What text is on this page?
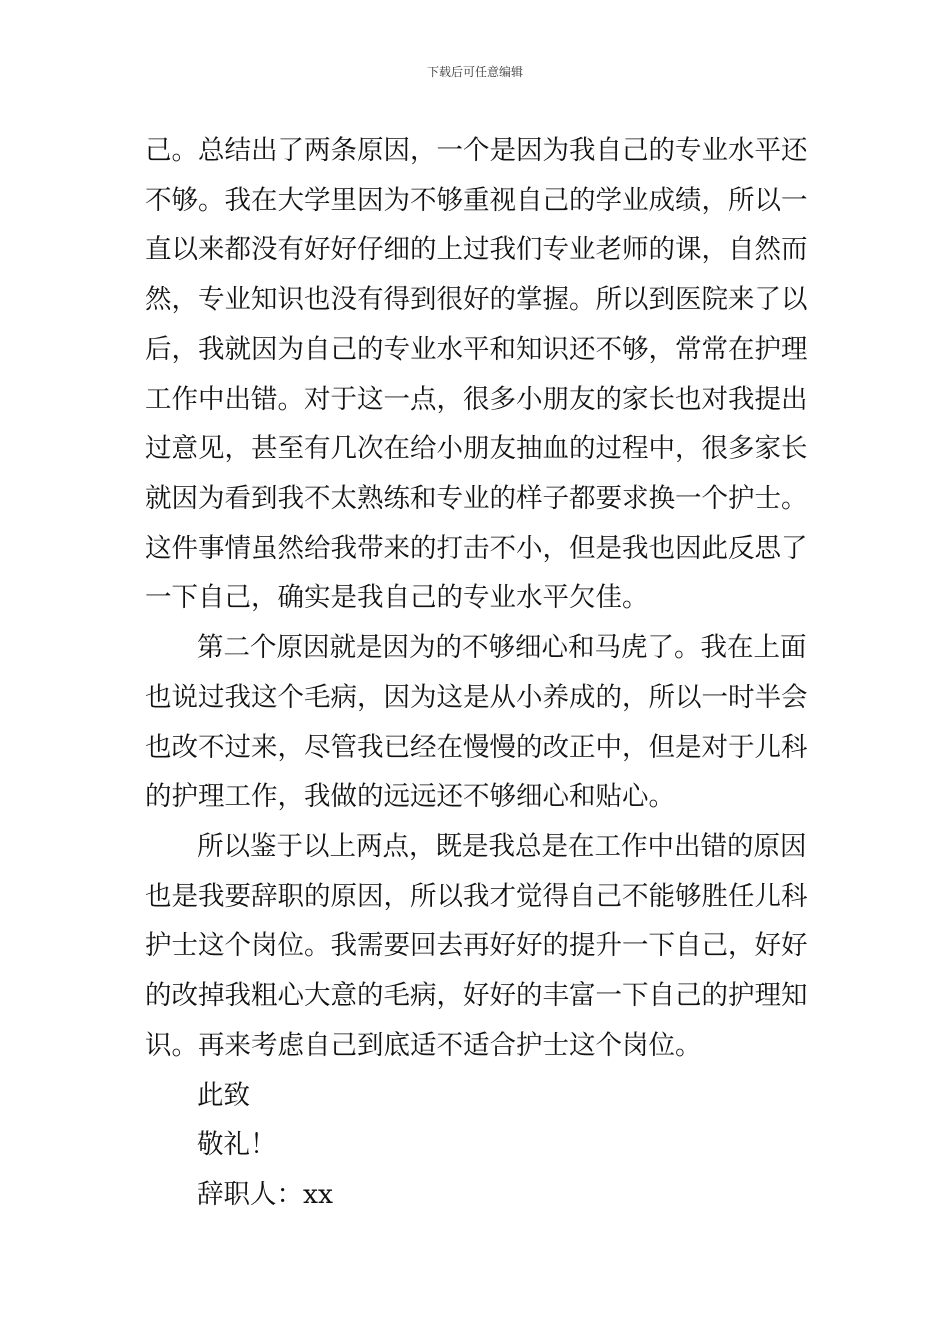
下载后可任意编辑
己。总结出了两条原因，一个是因为我自己的专业水平还
不够。我在大学里因为不够重视自己的学业成绩，所以一
直以来都没有好好仔细的上过我们专业老师的课，自然而
然，专业知识也没有得到很好的掌握。所以到医院来了以
后，我就因为自己的专业水平和知识还不够，常常在护理
工作中出错。对于这一点，很多小朋友的家长也对我提出
过意见，甚至有几次在给小朋友抽血的过程中，很多家长
就因为看到我不太熟练和专业的样子都要求换一个护士。
这件事情虽然给我带来的打击不小，但是我也因此反思了
一下自己，确实是我自己的专业水平欠佳。
第二个原因就是因为的不够细心和马虎了。我在上面
也说过我这个毛病，因为这是从小养成的，所以一时半会
也改不过来，尽管我已经在慢慢的改正中，但是对于儿科
的护理工作，我做的远远还不够细心和贴心。
所以鉴于以上两点，既是我总是在工作中出错的原因
也是我要辞职的原因，所以我才觉得自己不能够胜任儿科
护士这个岗位。我需要回去再好好的提升一下自己，好好
的改掉我粗心大意的毛病，好好的丰富一下自己的护理知
识。再来考虑自己到底适不适合护士这个岗位。
此致
敬礼！
辞职人：xx
